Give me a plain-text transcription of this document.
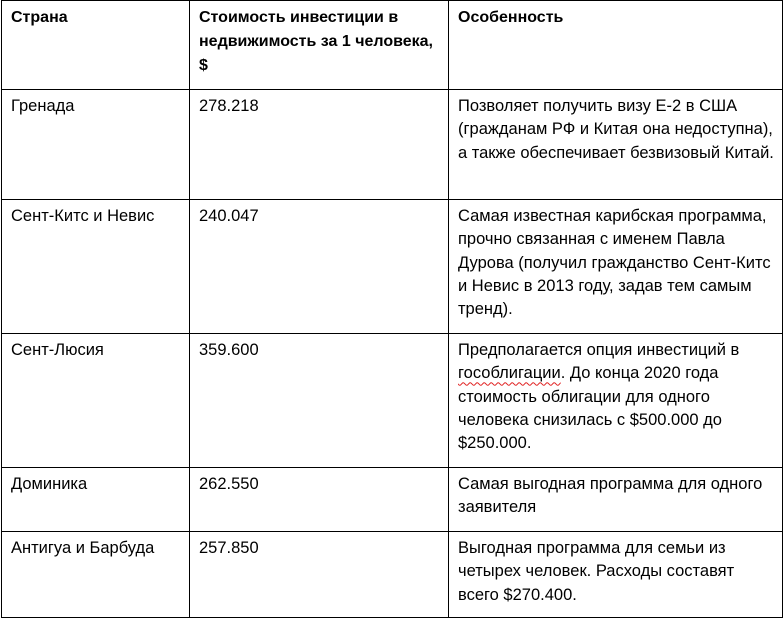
Страна	Стоимость инвестиции в недвижимость за 1 человека, $	Особенность
Гренада	278.218	Позволяет получить визу Е-2 в США (гражданам РФ и Китая она недоступна), а также обеспечивает безвизовый Китай.
Сент-Китс и Невис	240.047	Самая известная карибская программа, прочно связанная с именем Павла Дурова (получил гражданство Сент-Китс и Невис в 2013 году, задав тем самым тренд).
Сент-Люсия	359.600	Предполагается опция инвестиций в гособлигации. До конца 2020 года стоимость облигации для одного человека снизилась с $500.000 до $250.000.
Доминика	262.550	Самая выгодная программа для одного заявителя
Антигуа и Барбуда	257.850	Выгодная программа для семьи из четырех человек. Расходы составят всего $270.400.
